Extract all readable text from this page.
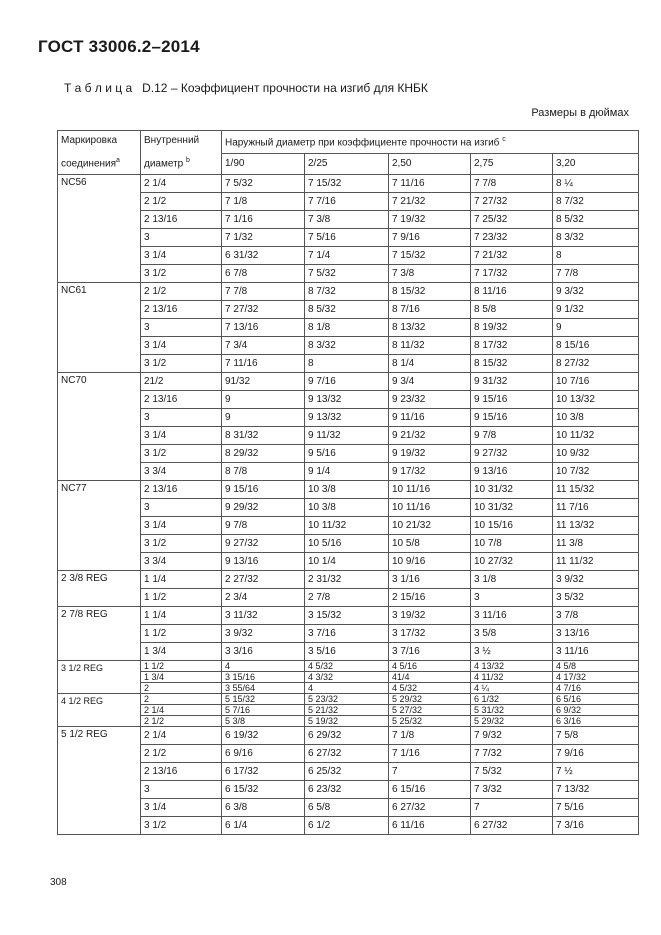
ГОСТ 33006.2–2014
Т а б л и ц а   D.12 – Коэффициент прочности на изгиб для КНБК
Размеры в дюймах
Маркировка
соединения$^a$	Внутренний
диаметр $^b$	Наружный диаметр при коэффициенте прочности на изгиб $^c$
		1/90	2/25	2,50	2,75	3,20
NC56	2 1/4	7 5/32	7 15/32	7 11/16	7 7/8	8 ¼
	2 1/2	7 1/8	7 7/16	7 21/32	7 27/32	8 7/32
	2 13/16	7 1/16	7 3/8	7 19/32	7 25/32	8 5/32
	3	7 1/32	7 5/16	7 9/16	7 23/32	8 3/32
	3 1/4	6 31/32	7 1/4	7 15/32	7 21/32	8
	3 1/2	6 7/8	7 5/32	7 3/8	7 17/32	7 7/8
NC61	2 1/2	7 7/8	8 7/32	8 15/32	8 11/16	9 3/32
	2 13/16	7 27/32	8 5/32	8 7/16	8 5/8	9 1/32
	3	7 13/16	8 1/8	8 13/32	8 19/32	9
	3 1/4	7 3/4	8 3/32	8 11/32	8 17/32	8 15/16
	3 1/2	7 11/16	8	8 1/4	8 15/32	8 27/32
NC70	21/2	91/32	9 7/16	9 3/4	9 31/32	10 7/16
	2 13/16	9	9 13/32	9 23/32	9 15/16	10 13/32
	3	9	9 13/32	9 11/16	9 15/16	10 3/8
	3 1/4	8 31/32	9 11/32	9 21/32	9 7/8	10 11/32
	3 1/2	8 29/32	9 5/16	9 19/32	9 27/32	10 9/32
	3 3/4	8 7/8	9 1/4	9 17/32	9 13/16	10 7/32
NC77	2 13/16	9 15/16	10 3/8	10 11/16	10 31/32	11 15/32
	3	9 29/32	10 3/8	10 11/16	10 31/32	11 7/16
	3 1/4	9 7/8	10 11/32	10 21/32	10 15/16	11 13/32
	3 1/2	9 27/32	10 5/16	10 5/8	10 7/8	11 3/8
	3 3/4	9 13/16	10 1/4	10 9/16	10 27/32	11 11/32
2 3/8 REG	1 1/4	2 27/32	2 31/32	3 1/16	3 1/8	3 9/32
	1 1/2	2 3/4	2 7/8	2 15/16	3	3 5/32
2 7/8 REG	1 1/4	3 11/32	3 15/32	3 19/32	3 11/16	3 7/8
	1 1/2	3 9/32	3 7/16	3 17/32	3 5/8	3 13/16
	1 3/4	3 3/16	3 5/16	3 7/16	3 ½	3 11/16
3 1/2 REG	1 1/2	4	4 5/32	4 5/16	4 13/32	4 5/8
	1 3/4	3 15/16	4 3/32	41/4	4 11/32	4 17/32
	2	3 55/64	4	4 5/32	4 ¼	4 7/16
4 1/2 REG	2	5 15/32	5 23/32	5 29/32	6 1/32	6 5/16
	2 1/4	5 7/16	5 21/32	5 27/32	5 31/32	6 9/32
	2 1/2	5 3/8	5 19/32	5 25/32	5 29/32	6 3/16
5 1/2 REG	2 1/4	6 19/32	6 29/32	7 1/8	7 9/32	7 5/8
	2 1/2	6 9/16	6 27/32	7 1/16	7 7/32	7 9/16
	2 13/16	6 17/32	6 25/32	7	7 5/32	7 ½
	3	6 15/32	6 23/32	6 15/16	7 3/32	7 13/32
	3 1/4	6 3/8	6 5/8	6 27/32	7	7 5/16
	3 1/2	6 1/4	6 1/2	6 11/16	6 27/32	7 3/16
308
